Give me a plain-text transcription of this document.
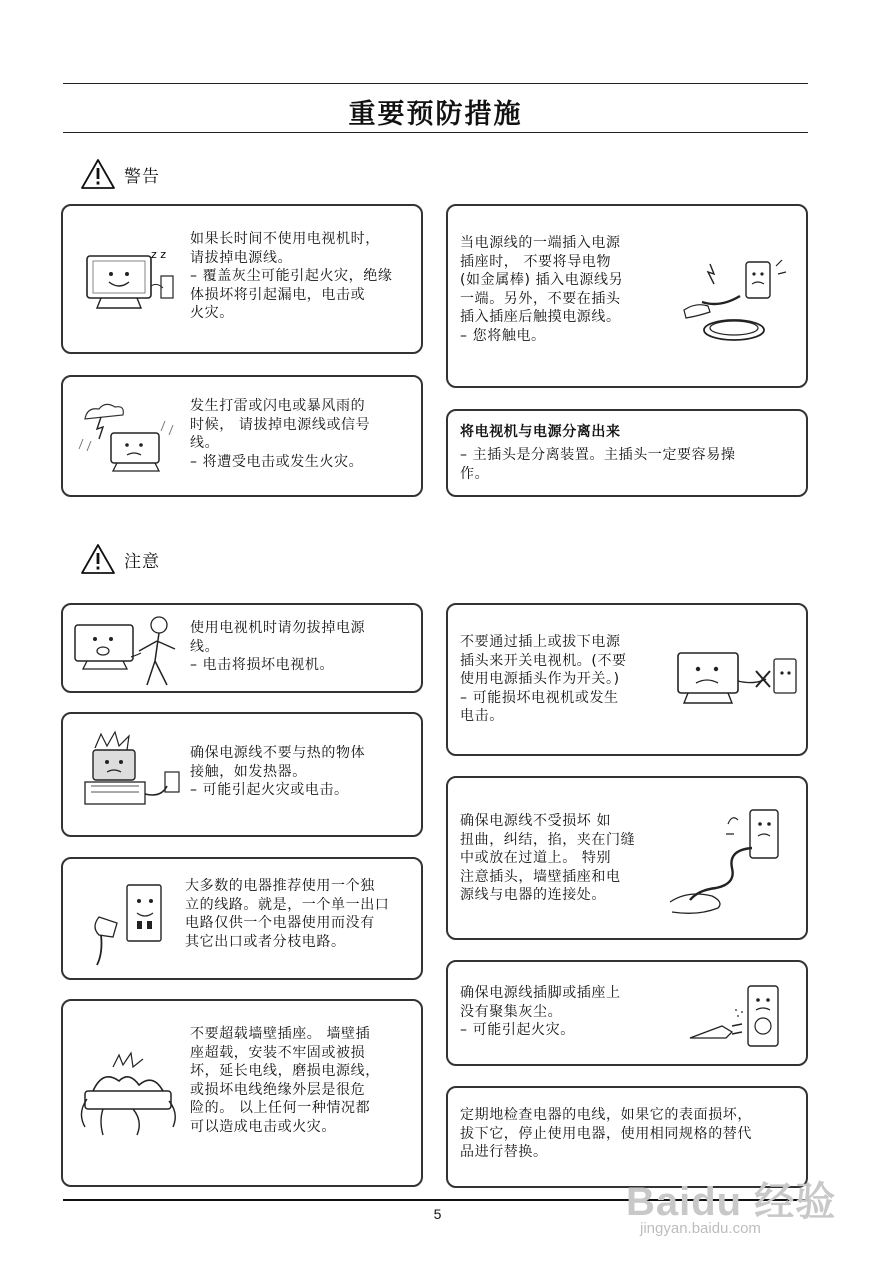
重要预防措施
警告
z z
如果长时间不使用电视机时，
请拔掉电源线。
– 覆盖灰尘可能引起火灾，绝缘
体损坏将引起漏电，电击或
火灾。
当电源线的一端插入电源
插座时， 不要将导电物
(如金属棒) 插入电源线另
一端。另外，不要在插头
插入插座后触摸电源线。
– 您将触电。
发生打雷或闪电或暴风雨的
时候， 请拔掉电源线或信号
线。
– 将遭受电击或发生火灾。
将电视机与电源分离出来
– 主插头是分离装置。主插头一定要容易操
作。
注意
使用电视机时请勿拔掉电源
线。
– 电击将损坏电视机。
确保电源线不要与热的物体
接触，如发热器。
– 可能引起火灾或电击。
大多数的电器推荐使用一个独
立的线路。就是，一个单一出口
电路仅供一个电器使用而没有
其它出口或者分枝电路。
不要超载墙壁插座。 墙壁插
座超载，安装不牢固或被损
坏，延长电线，磨损电源线，
或损坏电线绝缘外层是很危
险的。 以上任何一种情况都
可以造成电击或火灾。
不要通过插上或拔下电源
插头来开关电视机。(不要
使用电源插头作为开关。)
– 可能损坏电视机或发生
电击。
确保电源线不受损坏 如
扭曲，纠结，掐，夹在门缝
中或放在过道上。 特别
注意插头，墙壁插座和电
源线与电器的连接处。
确保电源线插脚或插座上
没有聚集灰尘。
– 可能引起火灾。
定期地检查电器的电线，如果它的表面损坏，
拔下它，停止使用电器，使用相同规格的替代
品进行替换。
5	Baidu 经验
jingyan.baidu.com
